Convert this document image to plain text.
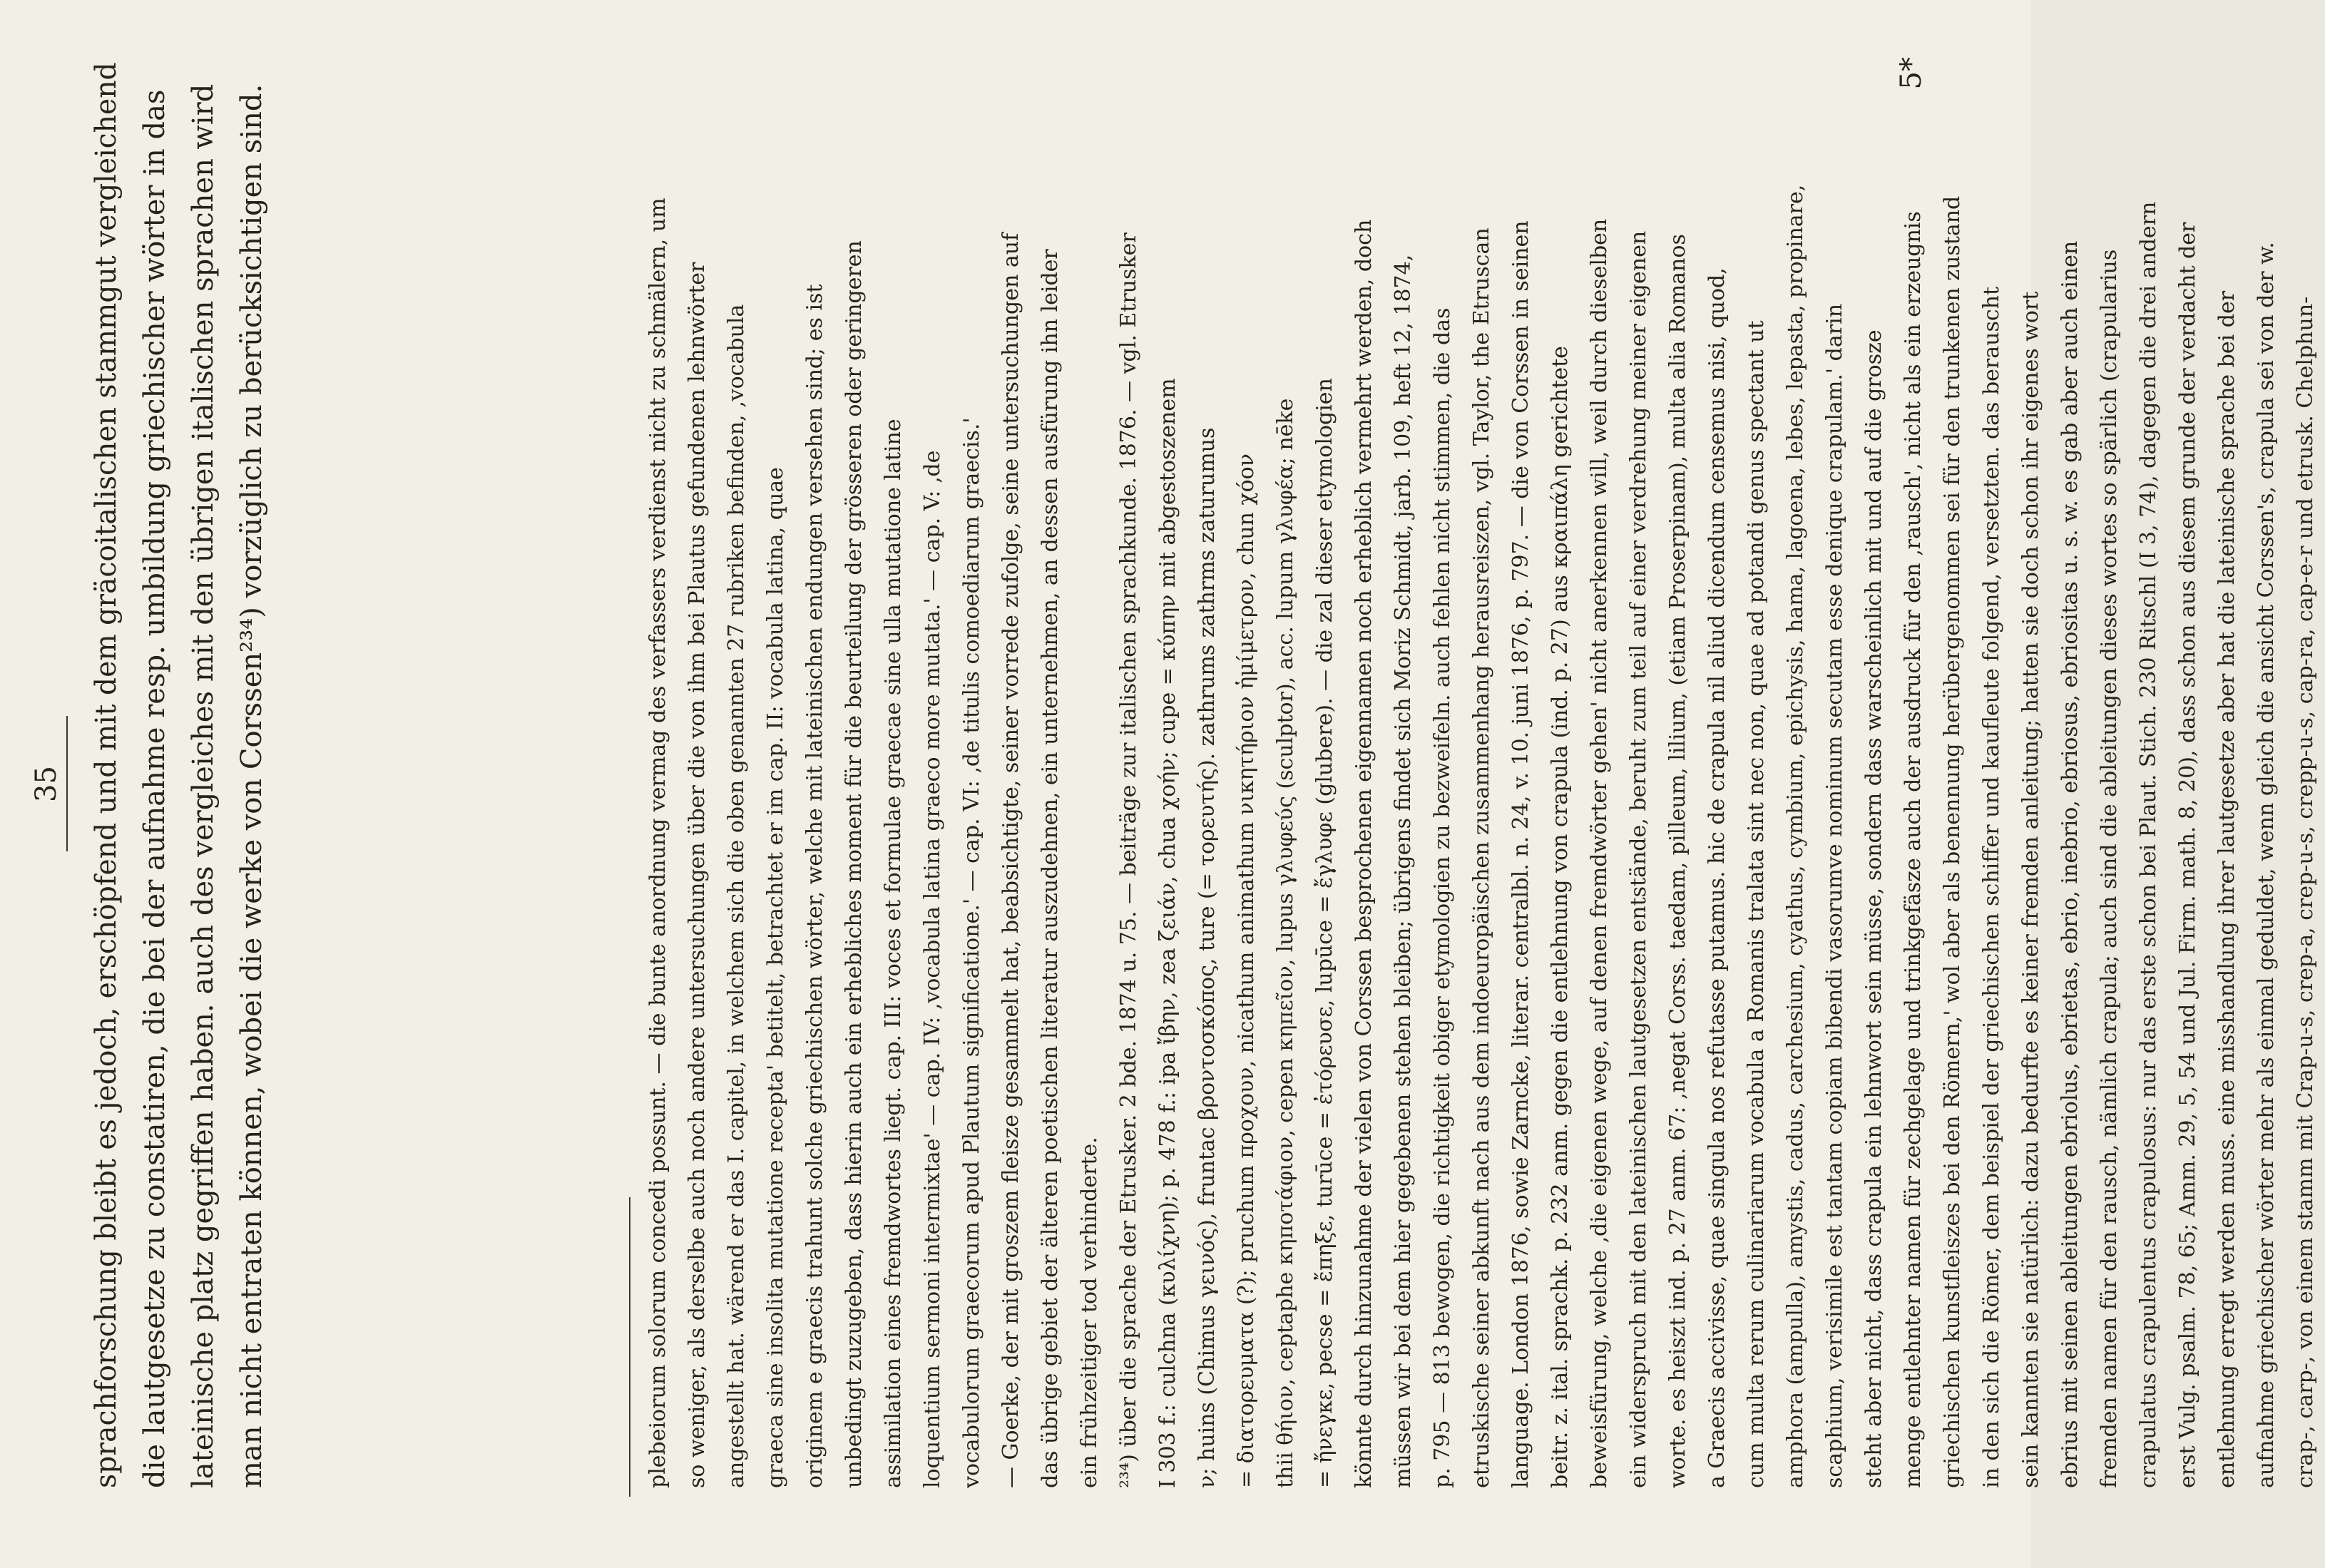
35 sprachforschung bleibt es jedoch, erschöpfend und mit dem gräcoitalischen stammgut vergleichend die lautgesetze zu constatiren, die bei der aufnahme resp. umbildung griechischer wörter in das lateinische platz gegriffen haben. auch des vergleiches mit den übrigen italischen sprachen wird man nicht entraten können, wobei die werke von Corssen²³⁴) vorzüglich zu berücksichtigen sind.	plebeiorum solorum concedi possunt. — die bunte anordnung vermag des verfassers verdienst nicht zu schmälern, um so weniger, als derselbe auch noch andere untersuchungen über die von ihm bei Plautus gefundenen lehnwörter angestellt hat. wärend er das I. capitel, in welchem sich die oben genannten 27 rubriken befinden, ‚vocabula graeca sine insolita mutatione recepta' betitelt, betrachtet er im cap. II: vocabula latina, quae originem e graecis trahunt solche griechischen wörter, welche mit lateinischen endungen versehen sind; es ist unbedingt zuzugeben, dass hierin auch ein erhebliches moment für die beurteilung der grösseren oder geringeren assimilation eines fremdwortes liegt. cap. III: voces et formulae graecae sine ulla mutatione latine loquentium sermoni intermixtae' — cap. IV: ‚vocabula latina graeco more mutata.' — cap. V: ‚de vocabulorum graecorum apud Plautum significatione.' — cap. VI: ‚de titulis comoediarum graecis.' — Goerke, der mit groszem fleisze gesammelt hat, beabsichtigte, seiner vorrede zufolge, seine untersuchungen auf das übrige gebiet der älteren poetischen literatur auszudehnen, ein unternehmen, an dessen ausfürung ihn leider ein frühzeitiger tod verhinderte. ²³⁴) über die sprache der Etrusker. 2 bde. 1874 u. 75. — beiträge zur italischen sprachkunde. 1876. — vgl. Etrusker I 303 f.: culchna (κυλίχνη); p. 478 f.: ipa ἴβην, zea ζειάν, chua χοήν; cupe = κύπην mit abgestoszenem ν; huins (Chimus γεινός), fruntac βροντοσκόπος, ture (= τορευτής). zathrums zathrms zaturumus = διατορευματα (?); pruchum προχουν, nicathum animathum νικητήριον ἡμίμετρον, chun χόον thii θήιον, ceptaphe κηποτάφιον, cepen κηπεῖον, lupus γλυφεύς (sculptor), acc. lupum γλυφέα; nēke = ἤνεγκε, pecse = ἔπηξε, turūce = ἐτόρευσε, lupūce = ἔγλυφε (glubere). — die zal dieser etymologien könnte durch hinzunahme der vielen von Corssen besprochenen eigennamen noch erheblich vermehrt werden, doch müssen wir bei dem hier gegebenen stehen bleiben; übrigens findet sich Moriz Schmidt, jarb. 109, heft 12, 1874, p. 795 — 813 bewogen, die richtigkeit obiger etymologien zu bezweifeln. auch fehlen nicht stimmen, die das etruskische seiner abkunft nach aus dem indoeuropäischen zusammenhang herausreiszen, vgl. Taylor, the Etruscan language. London 1876, sowie Zarncke, literar. centralbl. n. 24, v. 10. juni 1876, p. 797. — die von Corssen in seinen beitr. z. ital. sprachk. p. 232 anm. gegen die entlehnung von crapula (ind. p. 27) aus κραιπάλη gerichtete beweisfürung, welche ‚die eigenen wege, auf denen fremdwörter gehen' nicht anerkennen will, weil durch dieselben ein widerspruch mit den lateinischen lautgesetzen entstände, beruht zum teil auf einer verdrehung meiner eigenen worte. es heiszt ind. p. 27 anm. 67: ‚negat Corss. taedam, pilleum, lilium, (etiam Proserpinam), multa alia Romanos a Graecis accivisse, quae singula nos refutasse putamus. hic de crapula nil aliud dicendum censemus nisi, quod, cum multa rerum culinariarum vocabula a Romanis tralata sint nec non, quae ad potandi genus spectant ut amphora (ampulla), amystis, cadus, carchesium, cyathus, cymbium, epichysis, hama, lagoena, lebes, lepasta, propinare, scaphium, verisimile est tantam copiam bibendi vasorumve nominum secutam esse denique crapulam.' darin steht aber nicht, dass crapula ein lehnwort sein müsse, sondern dass warscheinlich mit und auf die grosze menge entlehnter namen für zechgelage und trinkgefäsze auch der ausdruck für den ‚rausch', nicht als ein erzeugnis griechischen kunstfleiszes bei den Römern,' wol aber als benennung herübergenommen sei für den trunkenen zustand in den sich die Römer, dem beispiel der griechischen schiffer und kaufleute folgend, versetzten. das berauscht sein kannten sie natürlich: dazu bedurfte es keiner fremden anleitung; hatten sie doch schon ihr eigenes wort ebrius mit seinen ableitungen ebriolus, ebrietas, ebrio, inebrio, ebriosus, ebriositas u. s. w. es gab aber auch einen fremden namen für den rausch, nämlich crapula; auch sind die ableitungen dieses wortes so spärlich (crapularius crapulatus crapulentus crapulosus: nur das erste schon bei Plaut. Stich. 230 Ritschl (I 3, 74), dagegen die drei andern erst Vulg. psalm. 78, 65; Amm. 29, 5, 54 und Jul. Firm. math. 8, 20), dass schon aus diesem grunde der verdacht der entlehnung erregt werden muss. eine misshandlung ihrer lautgesetze aber hat die lateinische sprache bei der aufnahme griechischer wörter mehr als einmal geduldet, wenn gleich die ansicht Corssen's, crapula sei von der w. crap-, carp-, von einem stamm mit Crap-u-s, crep-a, crep-u-s, crepp-u-s, cap-ra, cap-e-r und etrusk. Chelphun-
5*
